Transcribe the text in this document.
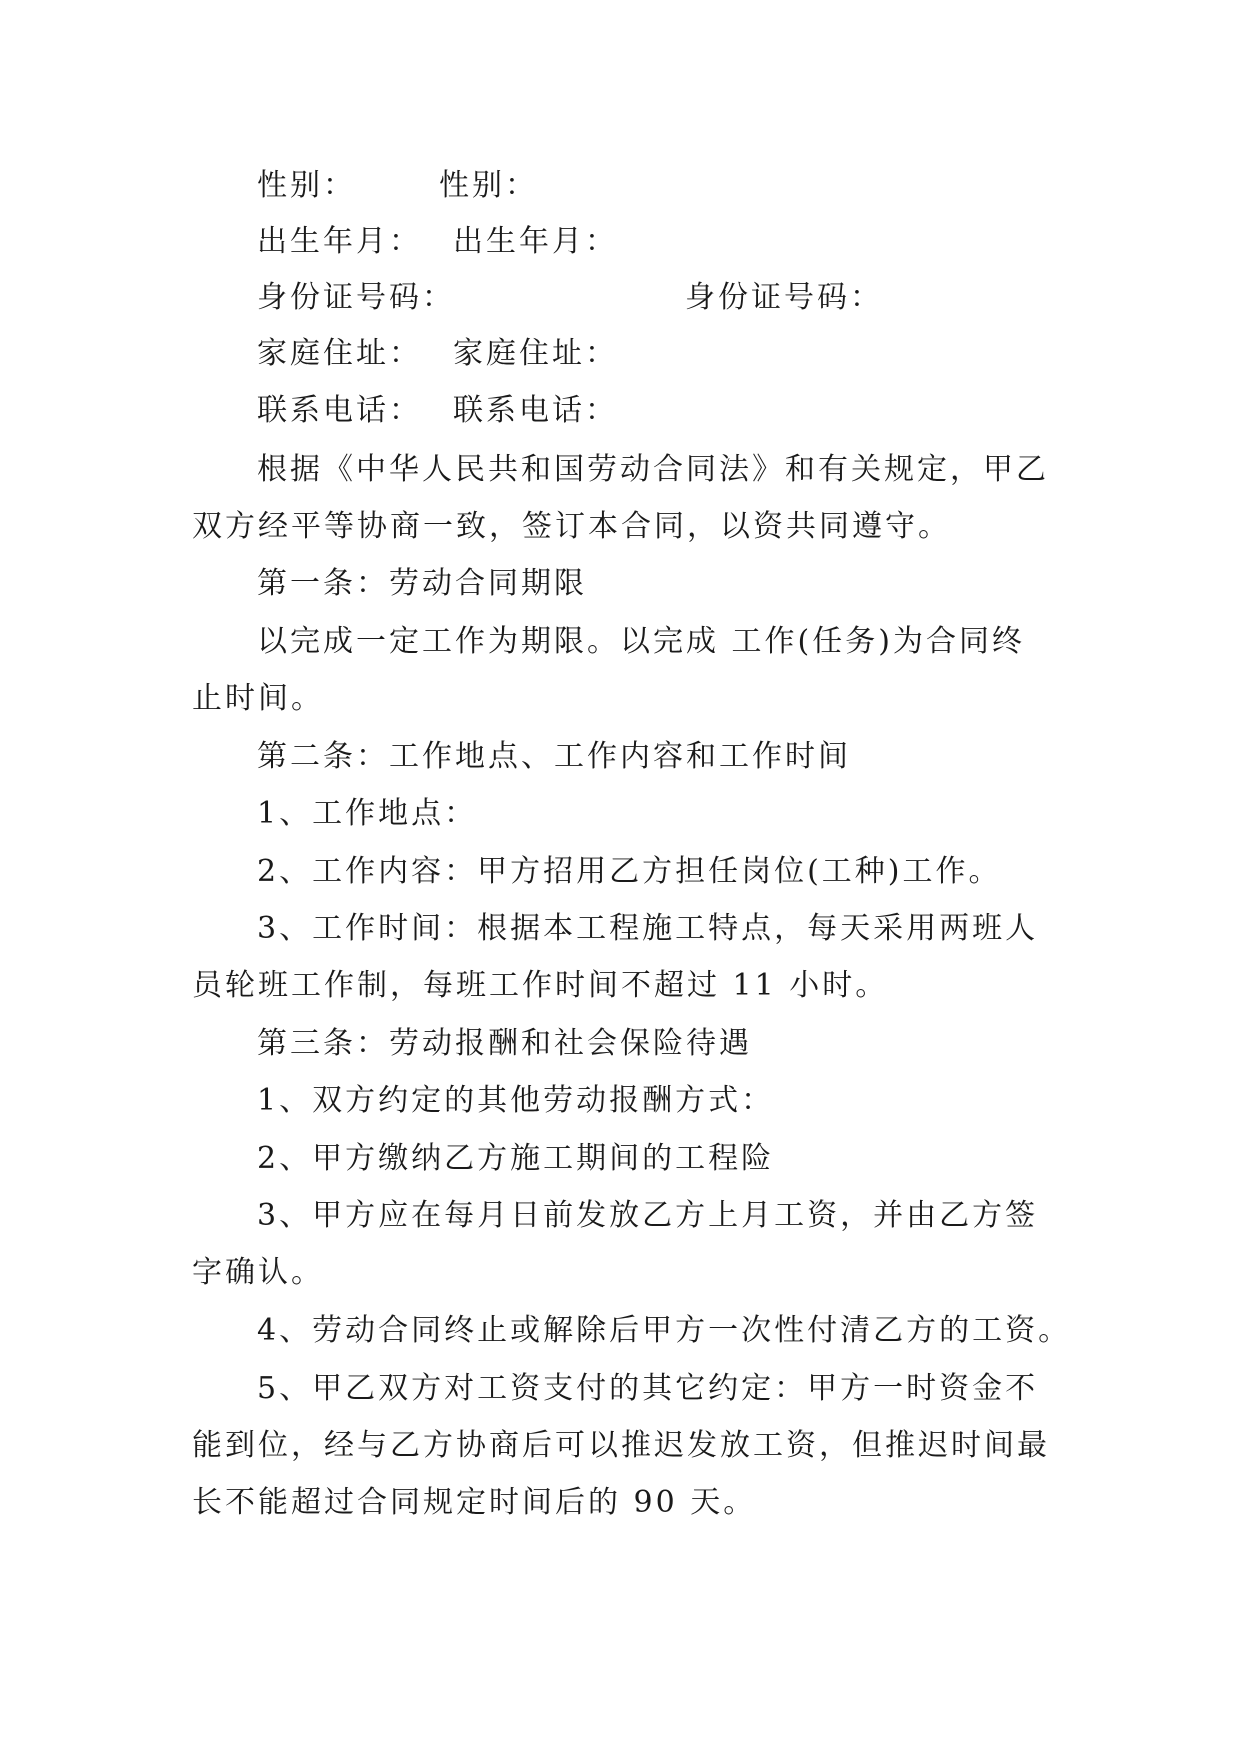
性别：	性别：
出生年月： 出生年月：
身份证号码：	身份证号码：
家庭住址： 家庭住址：
联系电话： 联系电话：
根据《中华人民共和国劳动合同法》和有关规定，甲乙
双方经平等协商一致，签订本合同，以资共同遵守。
第一条：劳动合同期限
以完成一定工作为期限。以完成 工作(任务)为合同终
止时间。
第二条：工作地点、工作内容和工作时间
1、工作地点：
2、工作内容：甲方招用乙方担任岗位(工种)工作。
3、工作时间：根据本工程施工特点，每天采用两班人
员轮班工作制，每班工作时间不超过 11 小时。
第三条：劳动报酬和社会保险待遇
1、双方约定的其他劳动报酬方式：
2、甲方缴纳乙方施工期间的工程险
3、甲方应在每月日前发放乙方上月工资，并由乙方签
字确认。
4、劳动合同终止或解除后甲方一次性付清乙方的工资。
5、甲乙双方对工资支付的其它约定：甲方一时资金不
能到位，经与乙方协商后可以推迟发放工资，但推迟时间最
长不能超过合同规定时间后的 90 天。
